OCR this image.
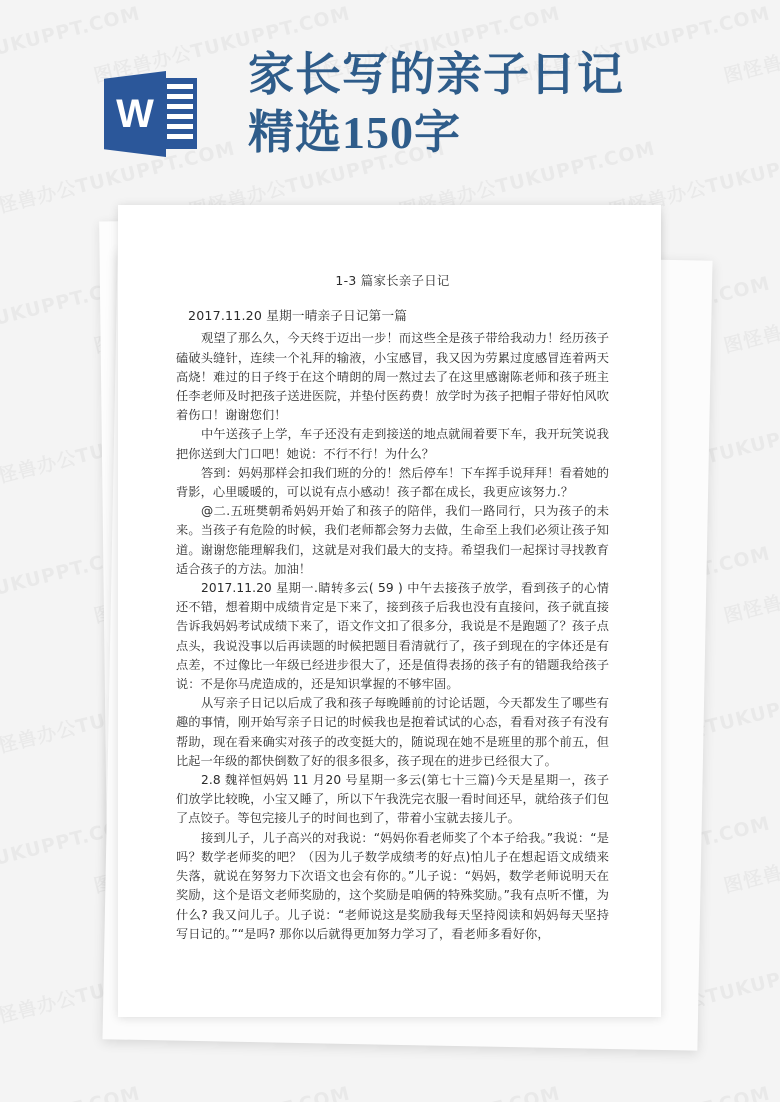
1-3 篇家长亲子日记
2017.11.20 星期一晴亲子日记第一篇

观望了那么久，今天终于迈出一步！而这些全是孩子带给我动力！经历孩子磕破头缝针，连续一个礼拜的输液，小宝感冒，我又因为劳累过度感冒连着两天高烧！难过的日子终于在这个晴朗的周一熬过去了在这里感谢陈老师和孩子班主任李老师及时把孩子送进医院，并垫付医药费！放学时为孩子把帽子带好怕风吹着伤口！谢谢您们！

中午送孩子上学，车子还没有走到接送的地点就闹着要下车，我开玩笑说我把你送到大门口吧！她说：不行不行！为什么？

答到：妈妈那样会扣我们班的分的！然后停车！下车挥手说拜拜！看着她的背影，心里暖暖的，可以说有点小感动！孩子都在成长，我更应该努力.？

@二.五班樊朝希妈妈开始了和孩子的陪伴，我们一路同行，只为孩子的未来。当孩子有危险的时候，我们老师都会努力去做，生命至上我们必须让孩子知道。谢谢您能理解我们，这就是对我们最大的支持。希望我们一起探讨寻找教育适合孩子的方法。加油！

2017.11.20 星期一.睛转多云( 59 ) 中午去接孩子放学，看到孩子的心情还不错，想着期中成绩肯定是下来了，接到孩子后我也没有直接问，孩子就直接告诉我妈妈考试成绩下来了，语文作文扣了很多分，我说是不是跑题了？孩子点点头，我说没事以后再读题的时候把题目看清就行了，孩子到现在的字体还是有点差，不过像比一年级已经进步很大了，还是值得表扬的孩子有的错题我给孩子说：不是你马虎造成的，还是知识掌握的不够牢固。

从写亲子日记以后成了我和孩子每晚睡前的讨论话题，今天都发生了哪些有趣的事情，刚开始写亲子日记的时候我也是抱着试试的心态，看看对孩子有没有帮助，现在看来确实对孩子的改变挺大的，随说现在她不是班里的那个前五，但比起一年级的都快倒数了好的很多很多，孩子现在的进步已经很大了。

2.8 魏祥恒妈妈 11 月20 号星期一多云(第七十三篇)今天是星期一，孩子们放学比较晚，小宝又睡了，所以下午我洗完衣服一看时间还早，就给孩子们包了点饺子。等包完接儿子的时间也到了，带着小宝就去接儿子。

接到儿子，儿子高兴的对我说：“妈妈你看老师奖了个本子给我。”我说：“是吗？数学老师奖的吧？（因为儿子数学成绩考的好点)怕儿子在想起语文成绩来失落，就说在努努力下次语文也会有你的。”儿子说：“妈妈，数学老师说明天在奖励，这个是语文老师奖励的，这个奖励是咱俩的特殊奖励。”我有点听不懂，为什么? 我又问儿子。儿子说：“老师说这是奖励我每天坚持阅读和妈妈每天坚持写日记的。”“是吗? 那你以后就得更加努力学习了，看老师多看好你，

W
家长写的亲子日记
精选150字
